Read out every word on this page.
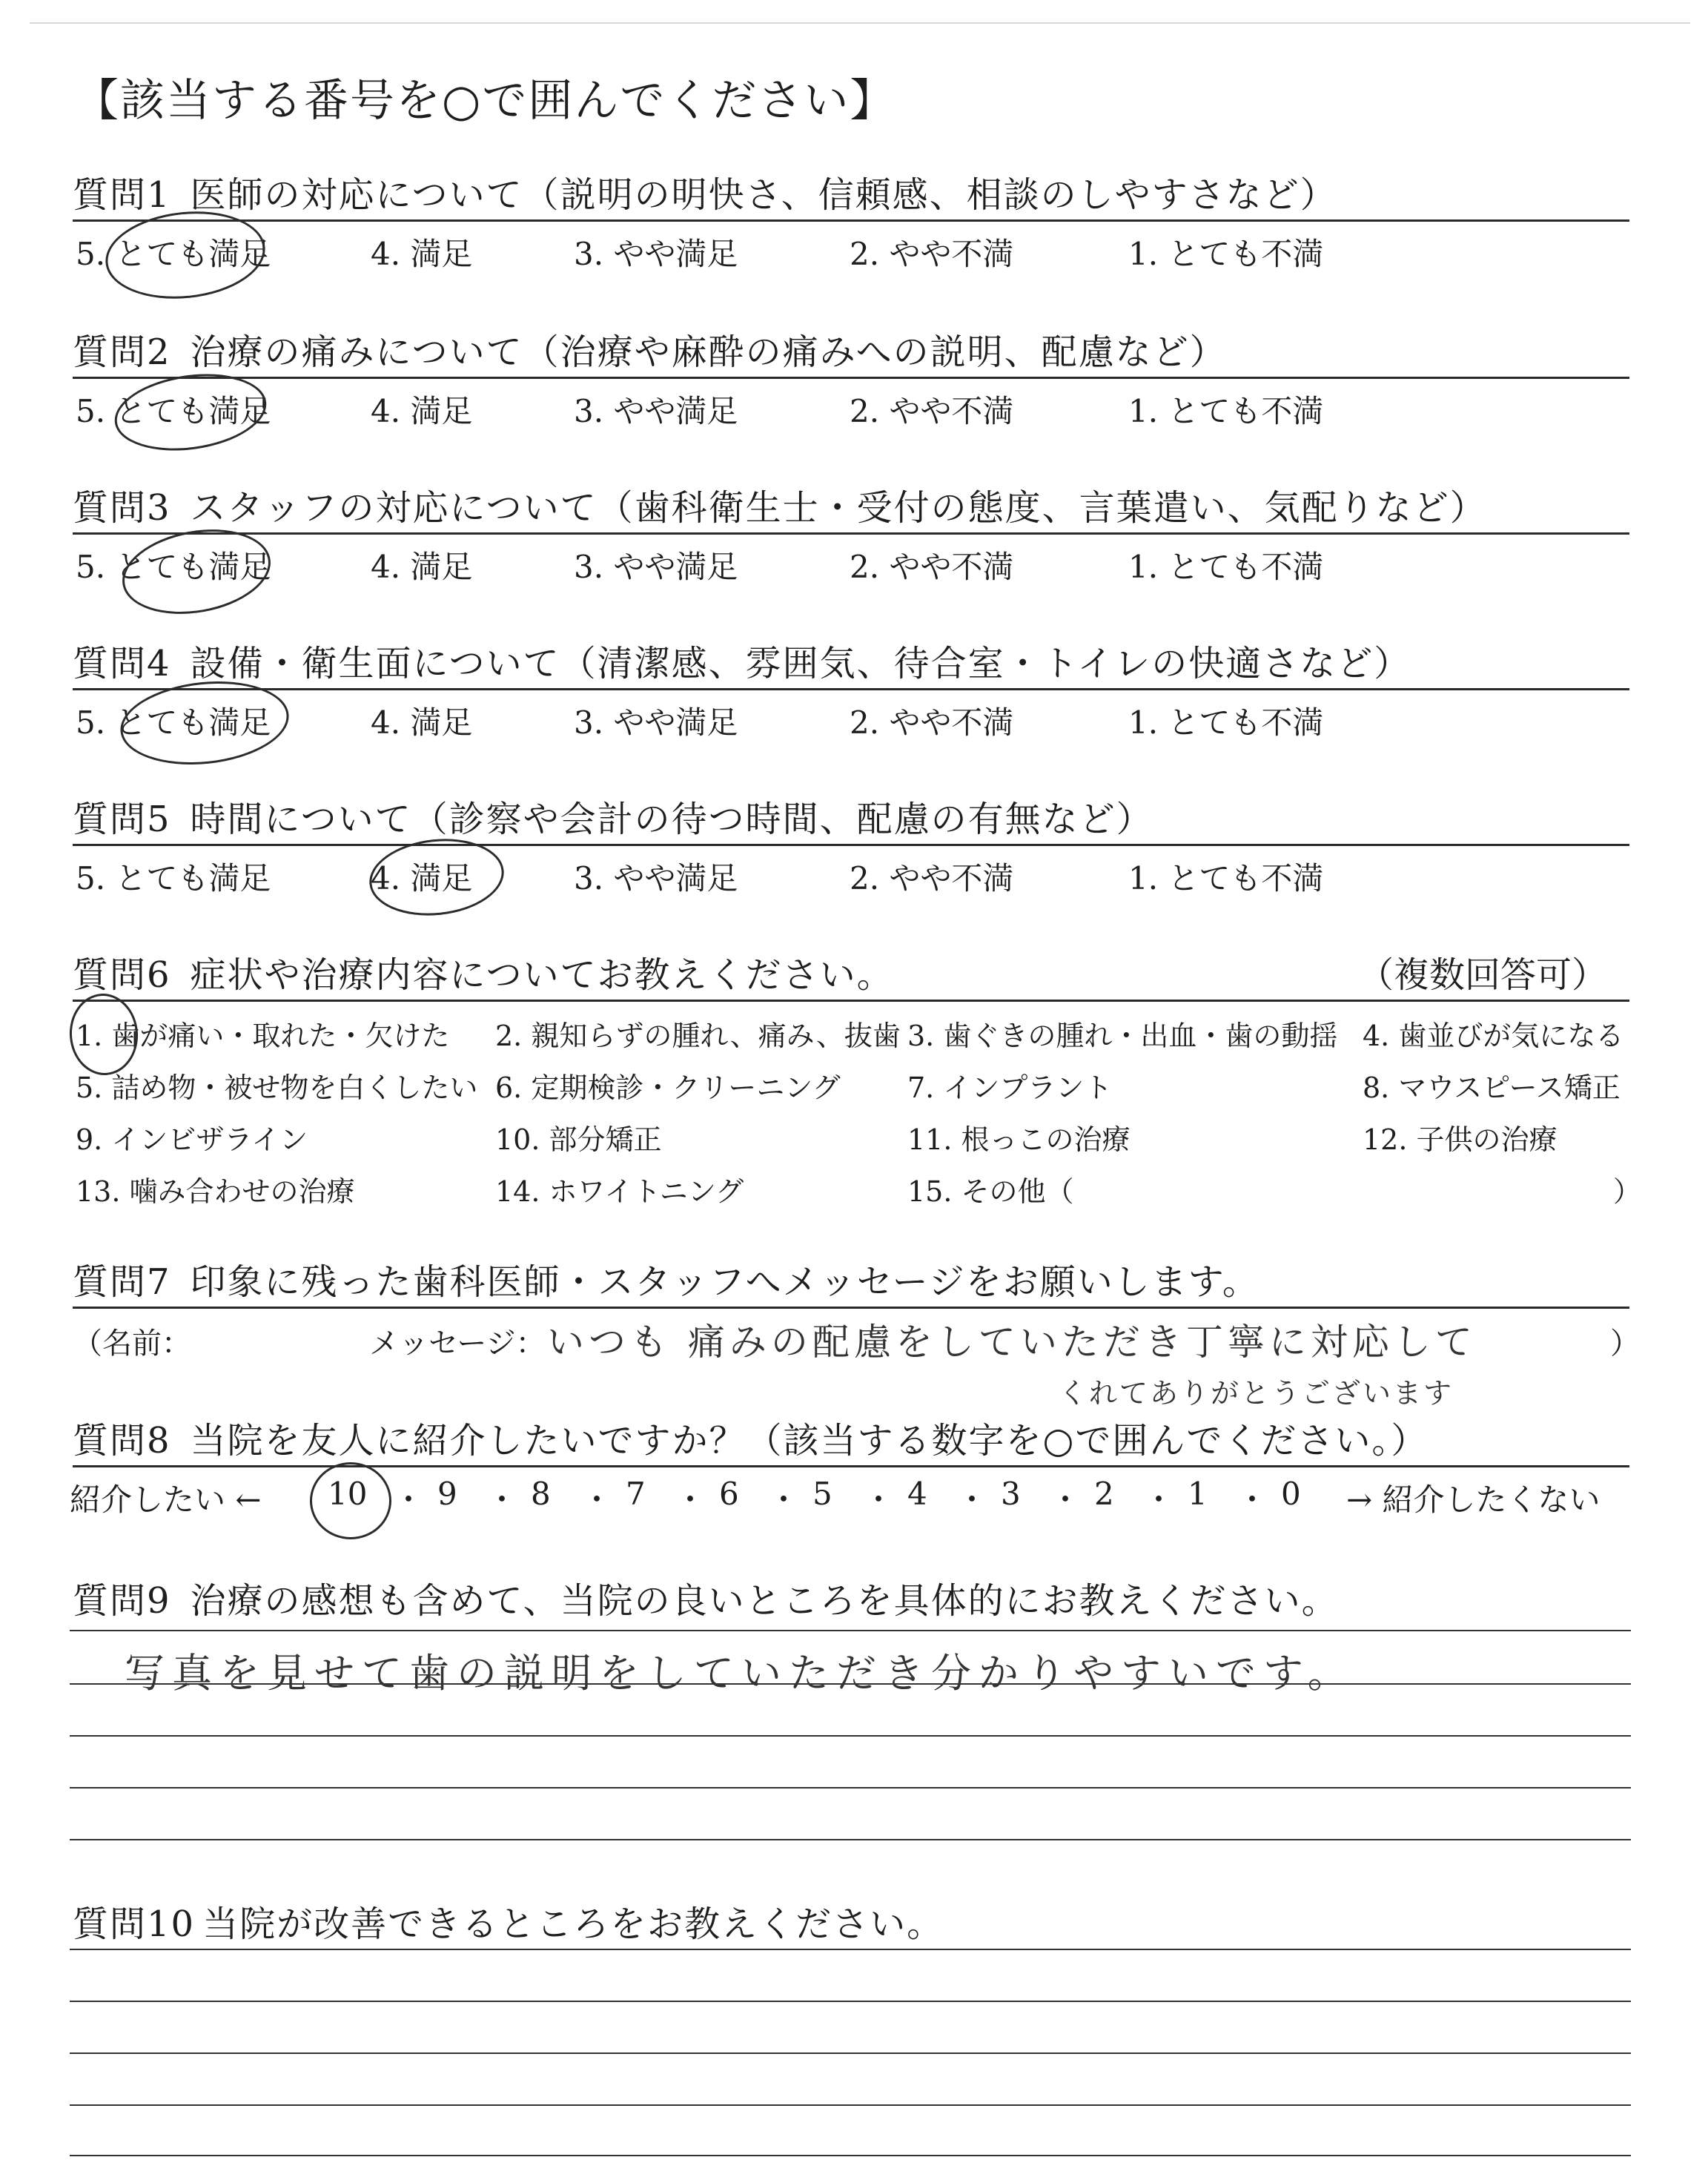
【該当する番号を○で囲んでください】
質問1 医師の対応について（説明の明快さ、信頼感、相談のしやすさなど）
5. とても満足	4. 満足	3. やや満足	2. やや不満	1. とても不満
質問2 治療の痛みについて（治療や麻酔の痛みへの説明、配慮など）
5. とても満足	4. 満足	3. やや満足	2. やや不満	1. とても不満
質問3 スタッフの対応について（歯科衛生士・受付の態度、言葉遣い、気配りなど）
5. とても満足	4. 満足	3. やや満足	2. やや不満	1. とても不満
質問4 設備・衛生面について（清潔感、雰囲気、待合室・トイレの快適さなど）
5. とても満足	4. 満足	3. やや満足	2. やや不満	1. とても不満
質問5 時間について（診察や会計の待つ時間、配慮の有無など）
5. とても満足	4. 満足	3. やや満足	2. やや不満	1. とても不満
質問6 症状や治療内容についてお教えください。	（複数回答可）
1. 歯が痛い・取れた・欠けた 2. 親知らずの腫れ、痛み、抜歯 3. 歯ぐきの腫れ・出血・歯の動揺 4. 歯並びが気になる
5. 詰め物・被せ物を白くしたい 6. 定期検診・クリーニング 7. インプラント	8. マウスピース矯正
9. インビザライン	10. 部分矯正	11. 根っこの治療	12. 子供の治療
13. 噛み合わせの治療	14. ホワイトニング	15. その他（	）
質問7 印象に残った歯科医師・スタッフへメッセージをお願いします。
（名前：	メッセージ：	）
いつも 痛みの配慮をしていただき丁寧に対応して
くれてありがとうございます
質問8 当院を友人に紹介したいですか？（該当する数字を○で囲んでください。）
紹介したい ← 10 ・ 9 ・ 8 ・ 7 ・ 6 ・ 5 ・ 4 ・ 3 ・ 2 ・ 1 ・ 0 → 紹介したくない
質問9 治療の感想も含めて、当院の良いところを具体的にお教えください。
写真を見せて歯の説明をしていただき分かりやすいです。
質問10 当院が改善できるところをお教えください。
